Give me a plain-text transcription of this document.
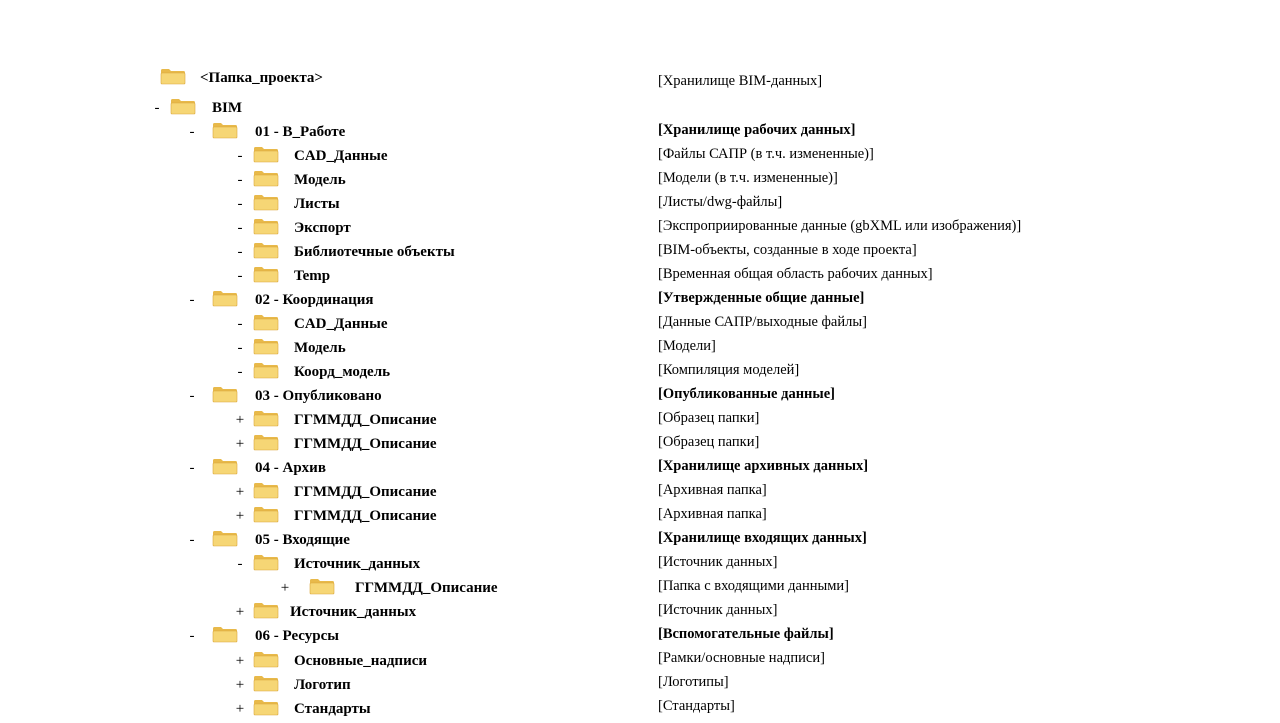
<Папка_проекта>	[Хранилище BIM-данных]
-	BIM
-	01 - В_Работе	[Хранилище рабочих данных]
-	CAD_Данные	[Файлы САПР (в т.ч. измененные)]
-	Модель	[Модели (в т.ч. измененные)]
-	Листы	[Листы/dwg-файлы]
-	Экспорт	[Экспроприированные данные (gbXML или изображения)]
-	Библиотечные объекты	[BIM-объекты, созданные в ходе проекта]
-	Temp	[Временная общая область рабочих данных]
-	02 - Координация	[Утвержденные общие данные]
-	CAD_Данные	[Данные САПР/выходные файлы]
-	Модель	[Модели]
-	Коорд_модель	[Компиляция моделей]
-	03 - Опубликовано	[Опубликованные данные]
+	ГГММДД_Описание	[Образец папки]
+	ГГММДД_Описание	[Образец папки]
-	04 - Архив	[Хранилище архивных данных]
+	ГГММДД_Описание	[Архивная папка]
+	ГГММДД_Описание	[Архивная папка]
-	05 - Входящие	[Хранилище входящих данных]
-	Источник_данных	[Источник данных]
+	ГГММДД_Описание	[Папка с входящими данными]
+	Источник_данных	[Источник данных]
-	06 - Ресурсы	[Вспомогательные файлы]
+	Основные_надписи	[Рамки/основные надписи]
+	Логотип	[Логотипы]
+	Стандарты	[Стандарты]
